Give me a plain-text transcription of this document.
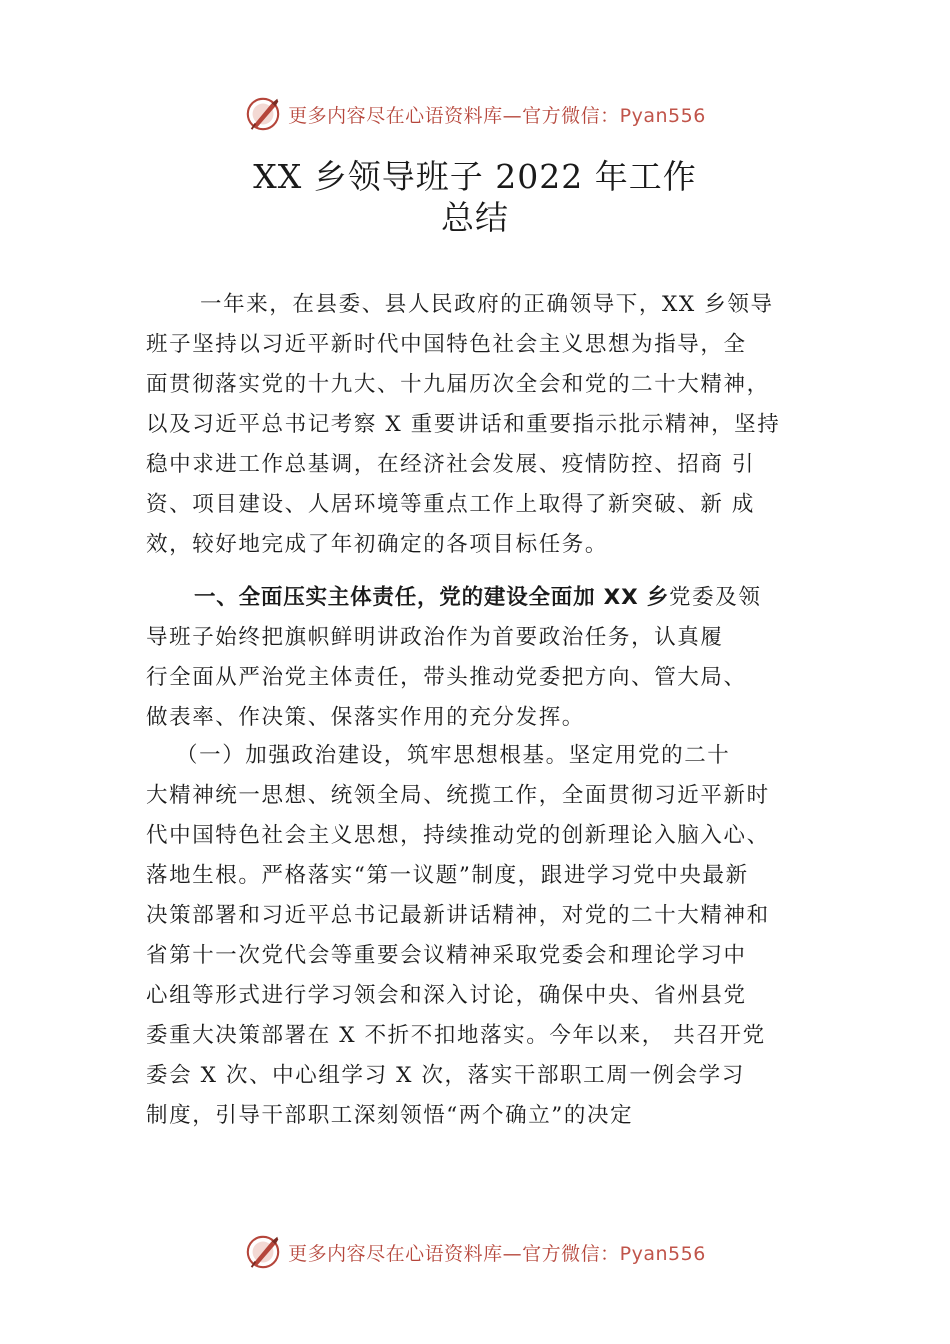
更多内容尽在心语资料库—官方微信：Pyan556
XX 乡领导班子 2022 年工作
总结
一年来，在县委、县人民政府的正确领导下，XX 乡领导
班子坚持以习近平新时代中国特色社会主义思想为指导，全
面贯彻落实党的十九大、十九届历次全会和党的二十大精神，
以及习近平总书记考察 X 重要讲话和重要指示批示精神，坚持
稳中求进工作总基调，在经济社会发展、疫情防控、招商 引
资、项目建设、人居环境等重点工作上取得了新突破、新 成
效，较好地完成了年初确定的各项目标任务。
一、全面压实主体责任，党的建设全面加 XX 乡党委及领
导班子始终把旗帜鲜明讲政治作为首要政治任务，认真履
行全面从严治党主体责任，带头推动党委把方向、管大局、
做表率、作决策、保落实作用的充分发挥。
（一）加强政治建设，筑牢思想根基。坚定用党的二十
大精神统一思想、统领全局、统揽工作，全面贯彻习近平新时
代中国特色社会主义思想，持续推动党的创新理论入脑入心、
落地生根。严格落实“第一议题”制度，跟进学习党中央最新
决策部署和习近平总书记最新讲话精神，对党的二十大精神和
省第十一次党代会等重要会议精神采取党委会和理论学习中
心组等形式进行学习领会和深入讨论，确保中央、省州县党
委重大决策部署在 X 不折不扣地落实。今年以来， 共召开党
委会 X 次、中心组学习 X 次，落实干部职工周一例会学习
制度，引导干部职工深刻领悟“两个确立”的决定
更多内容尽在心语资料库—官方微信：Pyan556
